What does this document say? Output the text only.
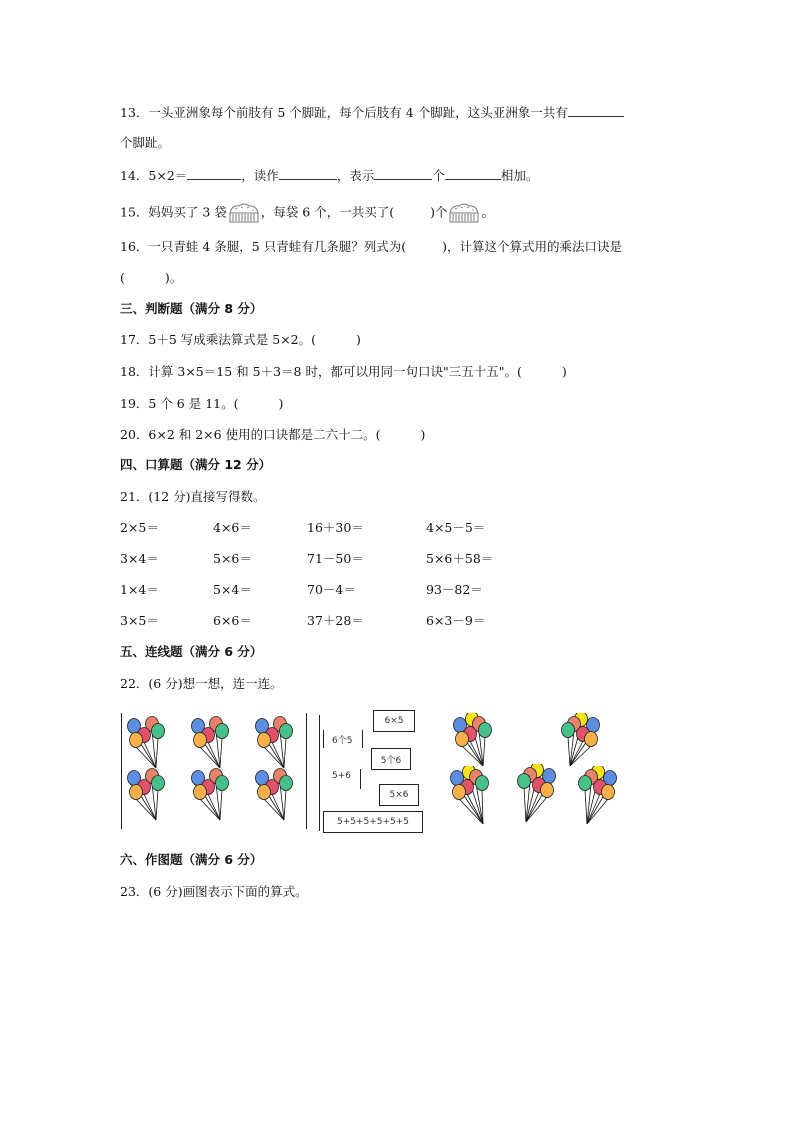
13．一头亚洲象每个前肢有 5 个脚趾，每个后肢有 4 个脚趾，这头亚洲象一共有
个脚趾。
14．5×2＝	，读作	，表示	个	相加。
15．妈妈买了 3 袋	，每袋 6 个，一共买了(	)个	。
16．一只青蛙 4 条腿，5 只青蛙有几条腿？列式为(	)，计算这个算式用的乘法口诀是
(	)。
三、判断题（满分 8 分）
17．5＋5 写成乘法算式是 5×2。(	)
18．计算 3×5＝15 和 5＋3＝8 时，都可以用同一句口诀"三五十五"。(	)
19．5 个 6 是 11。(	)
20．6×2 和 2×6 使用的口诀都是二六十二。(	)
四、口算题（满分 12 分）
21．(12 分)直接写得数。
2×5＝	4×6＝	16＋30＝	4×5－5＝
3×4＝	5×6＝	71－50＝	5×6＋58＝
1×4＝	5×4＝	70－4＝	93－82＝
3×5＝	6×6＝	37＋28＝	6×3－9＝
五、连线题（满分 6 分）
22．(6 分)想一想，连一连。
6×5
6个5
5个6
5+6
5×6
5+5+5+5+5+5
六、作图题（满分 6 分）
23．(6 分)画图表示下面的算式。
